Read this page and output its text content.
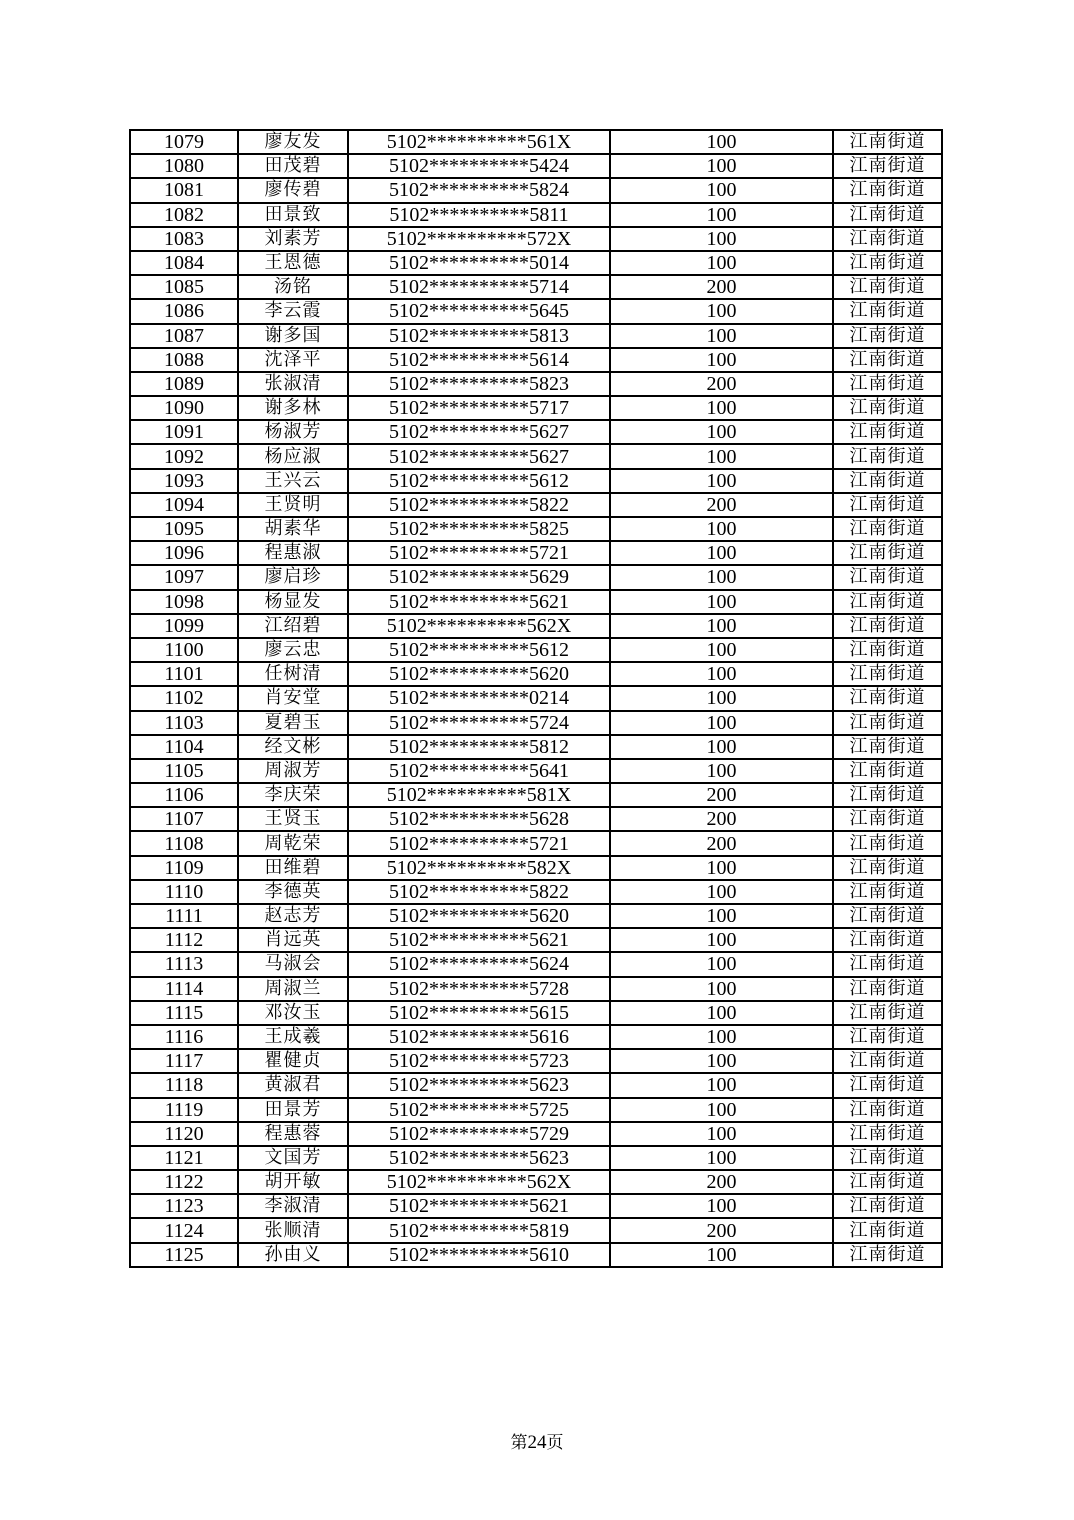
1079	廖友发	5102**********561X	100	江南街道
1080	田茂碧	5102**********5424	100	江南街道
1081	廖传碧	5102**********5824	100	江南街道
1082	田景致	5102**********5811	100	江南街道
1083	刘素芳	5102**********572X	100	江南街道
1084	王恩德	5102**********5014	100	江南街道
1085	汤铭	5102**********5714	200	江南街道
1086	李云霞	5102**********5645	100	江南街道
1087	谢多国	5102**********5813	100	江南街道
1088	沈泽平	5102**********5614	100	江南街道
1089	张淑清	5102**********5823	200	江南街道
1090	谢多林	5102**********5717	100	江南街道
1091	杨淑芳	5102**********5627	100	江南街道
1092	杨应淑	5102**********5627	100	江南街道
1093	王兴云	5102**********5612	100	江南街道
1094	王贤明	5102**********5822	200	江南街道
1095	胡素华	5102**********5825	100	江南街道
1096	程惠淑	5102**********5721	100	江南街道
1097	廖启珍	5102**********5629	100	江南街道
1098	杨显发	5102**********5621	100	江南街道
1099	江绍碧	5102**********562X	100	江南街道
1100	廖云忠	5102**********5612	100	江南街道
1101	任树清	5102**********5620	100	江南街道
1102	肖安堂	5102**********0214	100	江南街道
1103	夏碧玉	5102**********5724	100	江南街道
1104	经文彬	5102**********5812	100	江南街道
1105	周淑芳	5102**********5641	100	江南街道
1106	李庆荣	5102**********581X	200	江南街道
1107	王贤玉	5102**********5628	200	江南街道
1108	周乾荣	5102**********5721	200	江南街道
1109	田维碧	5102**********582X	100	江南街道
1110	李德英	5102**********5822	100	江南街道
1111	赵志芳	5102**********5620	100	江南街道
1112	肖远英	5102**********5621	100	江南街道
1113	马淑会	5102**********5624	100	江南街道
1114	周淑兰	5102**********5728	100	江南街道
1115	邓汝玉	5102**********5615	100	江南街道
1116	王成羲	5102**********5616	100	江南街道
1117	瞿健贞	5102**********5723	100	江南街道
1118	黄淑君	5102**********5623	100	江南街道
1119	田景芳	5102**********5725	100	江南街道
1120	程惠蓉	5102**********5729	100	江南街道
1121	文国芳	5102**********5623	100	江南街道
1122	胡开敏	5102**********562X	200	江南街道
1123	李淑清	5102**********5621	100	江南街道
1124	张顺清	5102**********5819	200	江南街道
1125	孙由义	5102**********5610	100	江南街道
第24页
